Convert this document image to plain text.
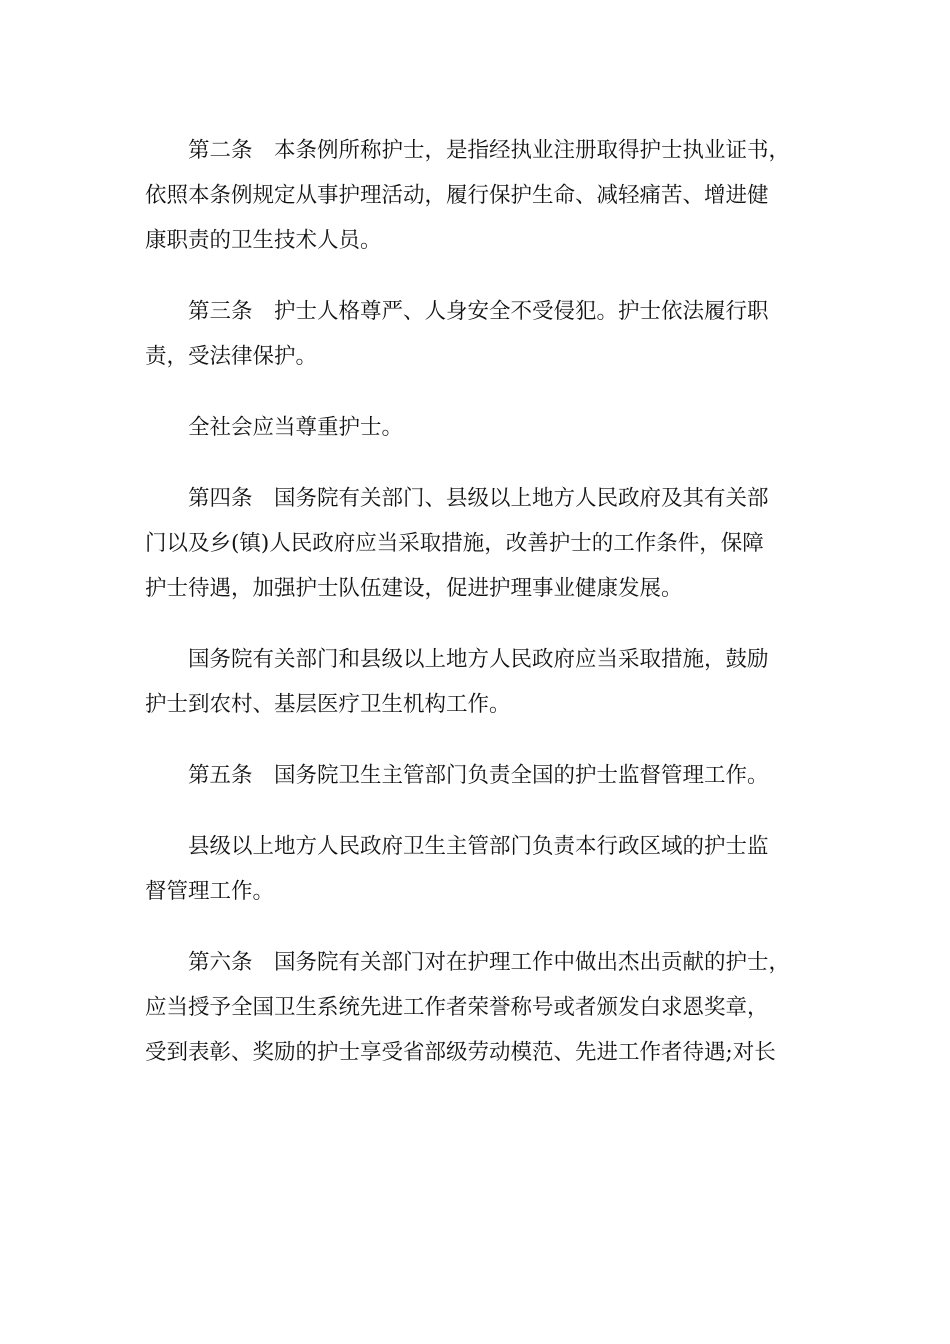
第二条　本条例所称护士，是指经执业注册取得护士执业证书，
依照本条例规定从事护理活动，履行保护生命、减轻痛苦、增进健
康职责的卫生技术人员。

第三条　护士人格尊严、人身安全不受侵犯。护士依法履行职
责，受法律保护。

全社会应当尊重护士。

第四条　国务院有关部门、县级以上地方人民政府及其有关部
门以及乡(镇)人民政府应当采取措施，改善护士的工作条件，保障
护士待遇，加强护士队伍建设，促进护理事业健康发展。

国务院有关部门和县级以上地方人民政府应当采取措施，鼓励
护士到农村、基层医疗卫生机构工作。

第五条　国务院卫生主管部门负责全国的护士监督管理工作。

县级以上地方人民政府卫生主管部门负责本行政区域的护士监
督管理工作。

第六条　国务院有关部门对在护理工作中做出杰出贡献的护士，
应当授予全国卫生系统先进工作者荣誉称号或者颁发白求恩奖章，
受到表彰、奖励的护士享受省部级劳动模范、先进工作者待遇;对长
